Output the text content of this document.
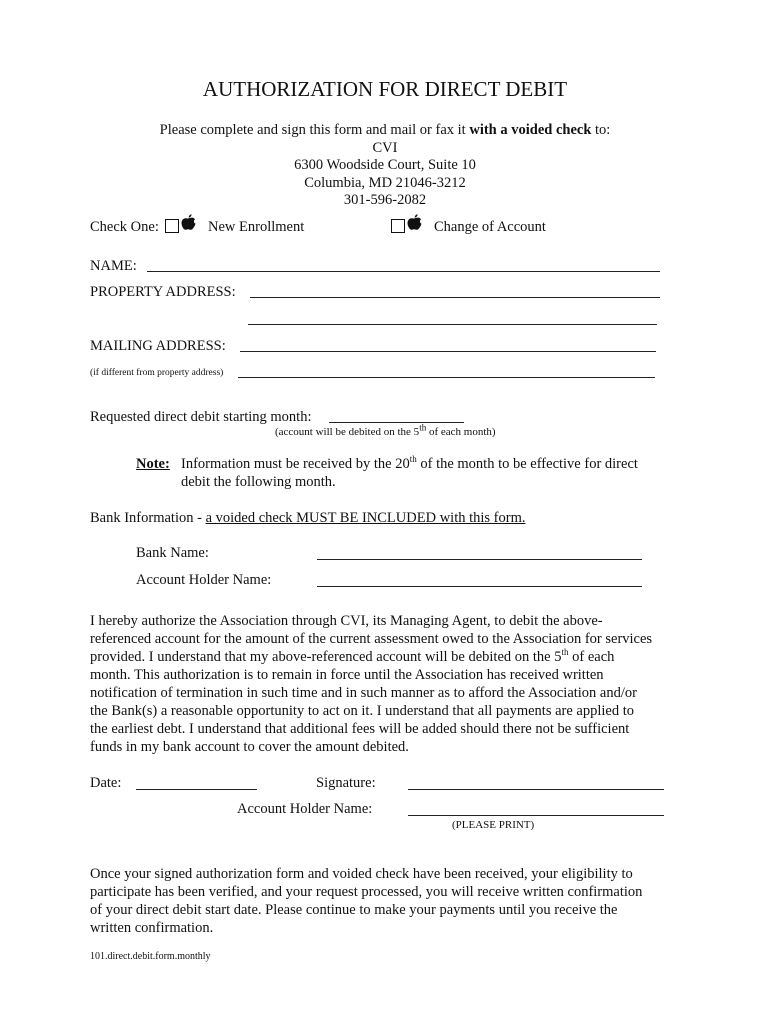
AUTHORIZATION FOR DIRECT DEBIT
Please complete and sign this form and mail or fax it with a voided check to:
CVI
6300 Woodside Court, Suite 10
Columbia, MD 21046-3212
301-596-2082
Check One:	New Enrollment	Change of Account
NAME:
PROPERTY ADDRESS:
MAILING ADDRESS:
(if different from property address)
Requested direct debit starting month:
(account will be debited on the 5th of each month)
Note: Information must be received by the 20th of the month to be effective for direct
debit the following month.
Bank Information - a voided check MUST BE INCLUDED with this form.
Bank Name:
Account Holder Name:
I hereby authorize the Association through CVI, its Managing Agent, to debit the above-
referenced account for the amount of the current assessment owed to the Association for services
provided. I understand that my above-referenced account will be debited on the 5th of each
month. This authorization is to remain in force until the Association has received written
notification of termination in such time and in such manner as to afford the Association and/or
the Bank(s) a reasonable opportunity to act on it. I understand that all payments are applied to
the earliest debt. I understand that additional fees will be added should there not be sufficient
funds in my bank account to cover the amount debited.
Date:	Signature:
Account Holder Name:
(PLEASE PRINT)
Once your signed authorization form and voided check have been received, your eligibility to
participate has been verified, and your request processed, you will receive written confirmation
of your direct debit start date. Please continue to make your payments until you receive the
written confirmation.
101.direct.debit.form.monthly
